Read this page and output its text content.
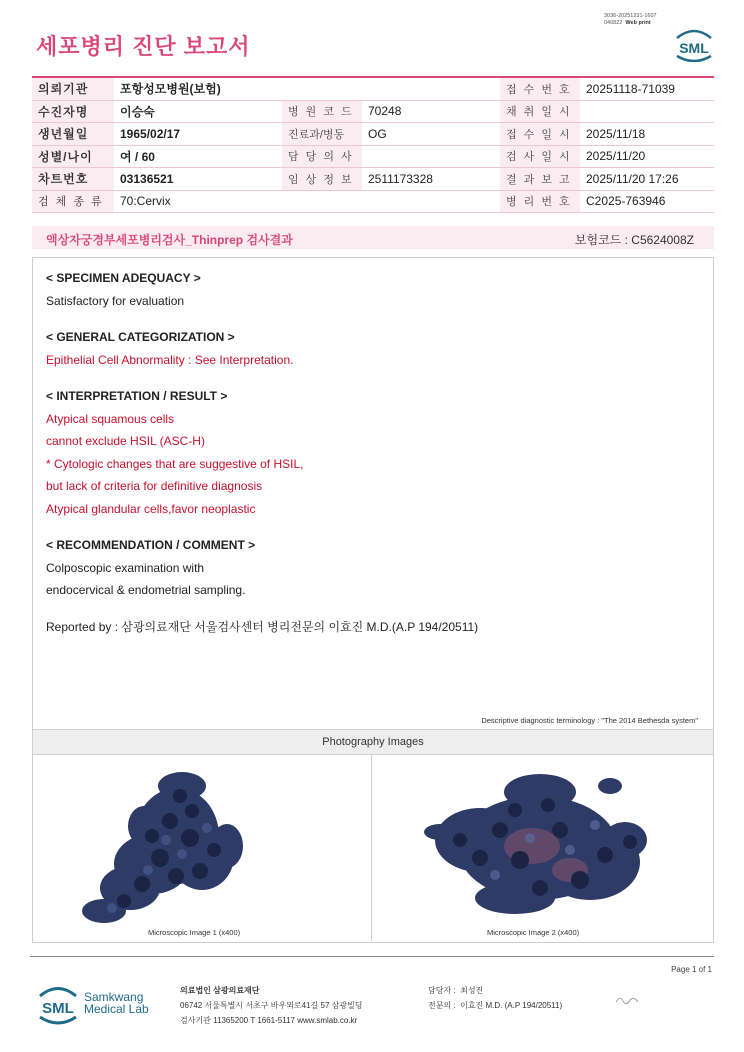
3036-20251231-1607
040822 Web print
세포병리 진단 보고서	SML
의뢰기관	포항성모병원(보험)			접 수 번 호	20251118-71039
수진자명	이승숙	병 원 코 드	70248	채 취 일 시	
생년월일	1965/02/17	진료과/병동	OG	접 수 일 시	2025/11/18
성별/나이	여 / 60	담 당 의 사		검 사 일 시	2025/11/20
차트번호	03136521	임 상 정 보	2511173328	결 과 보 고	2025/11/20 17:26
검 체 종 류	70:Cervix			병 리 번 호	C2025-763946
액상자궁경부세포병리검사_Thinprep 검사결과	보험코드 : C5624008Z
< SPECIMEN ADEQUACY >
Satisfactory for evaluation
< GENERAL CATEGORIZATION >
Epithelial Cell Abnormality : See Interpretation.
< INTERPRETATION / RESULT >
Atypical squamous cells
cannot exclude HSIL (ASC-H)
* Cytologic changes that are suggestive of HSIL,
but lack of criteria for definitive diagnosis
Atypical glandular cells,favor neoplastic
< RECOMMENDATION / COMMENT >
Colposcopic examination with
endocervical & endometrial sampling.
Reported by : 삼광의료재단 서울검사센터 병리전문의 이효진 M.D.(A.P 194/20511)
Descriptive diagnostic terminology : "The 2014 Bethesda system"
Photography Images
Microscopic Image 1 (x400)	Microscopic Image 2 (x400)
Page 1 of 1
SML
Samkwang
Medical Lab
의료법인 삼광의료재단
06742 서울특별시 서초구 바우뫼로41길 57 삼광빌딩
검사기관 11365200 T 1661-5117 www.smlab.co.kr
담당자 : 최성진
전문의 : 이효진 M.D. (A.P 194/20511)
